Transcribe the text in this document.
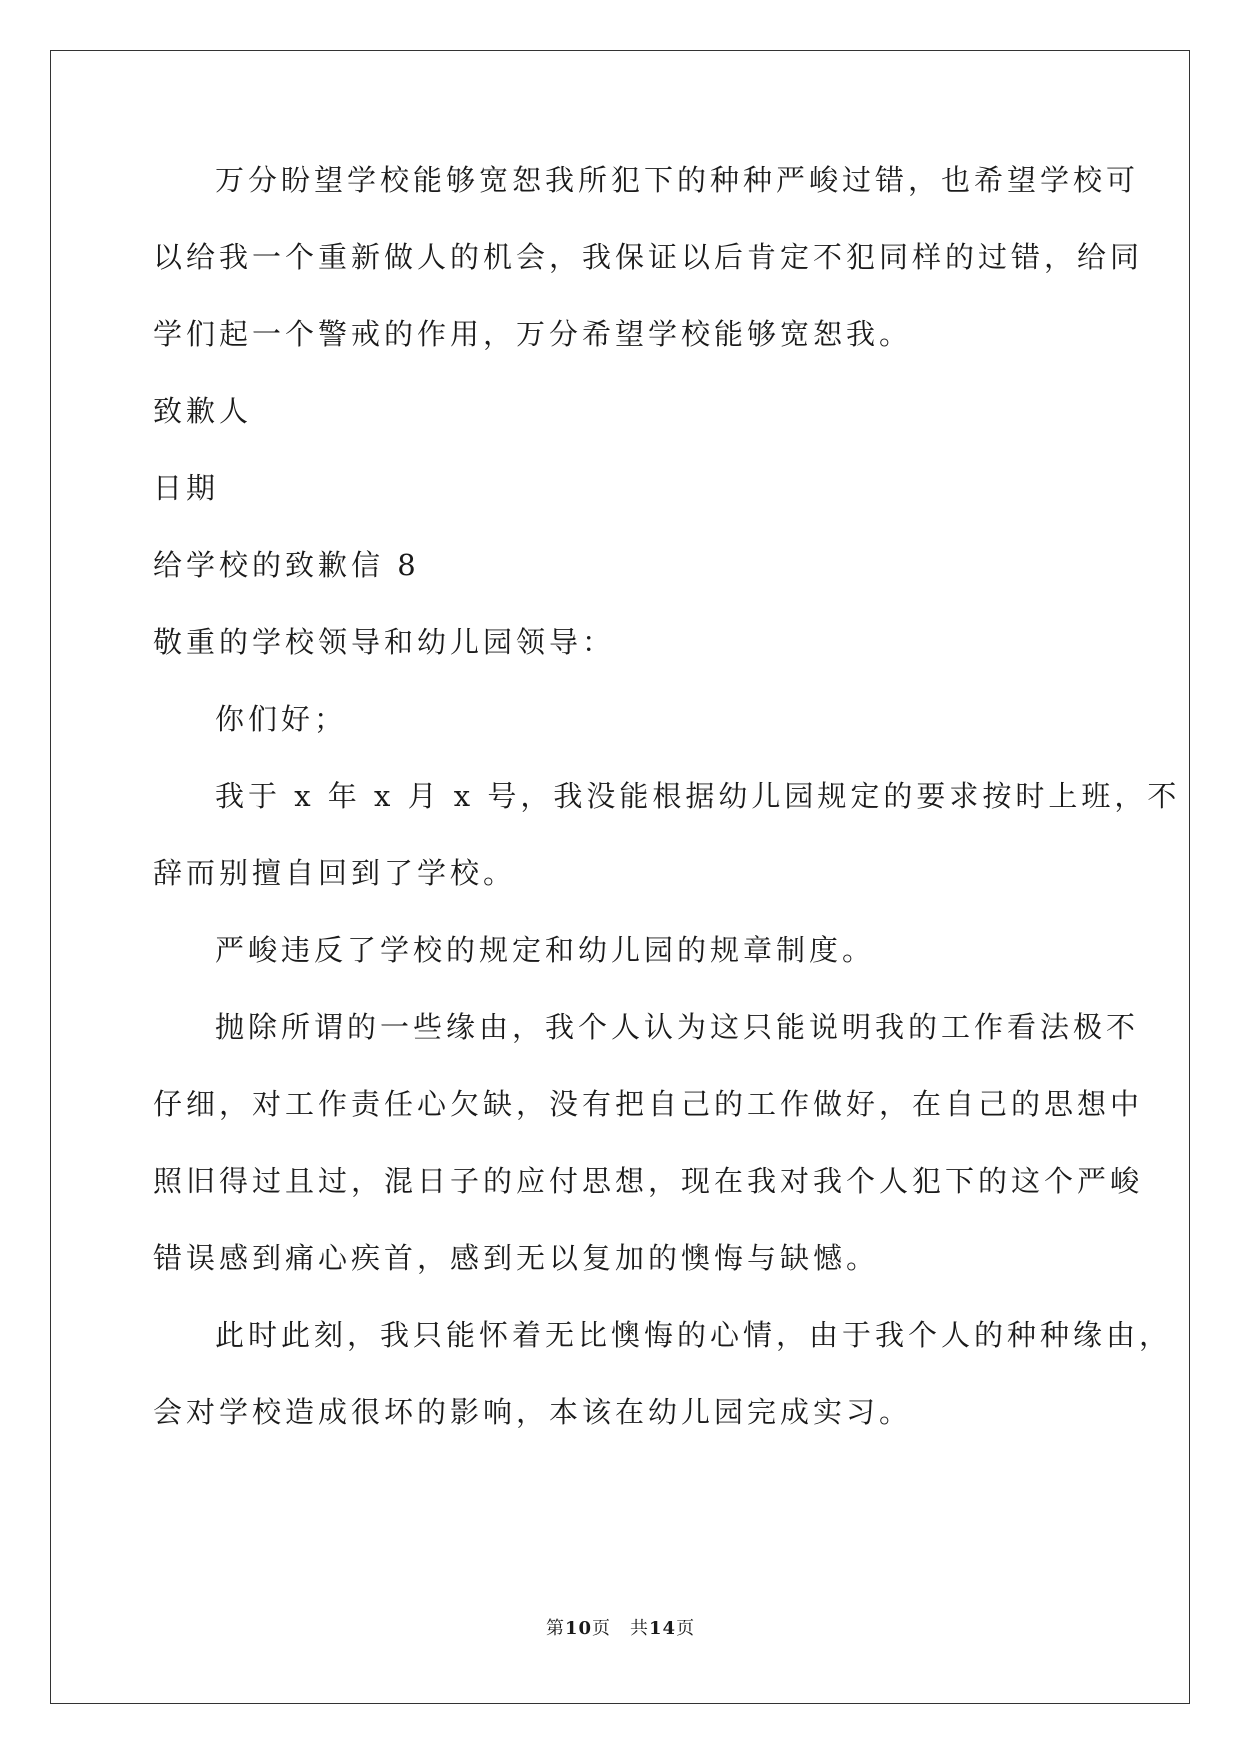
万分盼望学校能够宽恕我所犯下的种种严峻过错，也希望学校可
以给我一个重新做人的机会，我保证以后肯定不犯同样的过错，给同
学们起一个警戒的作用，万分希望学校能够宽恕我。
致歉人
日期
给学校的致歉信 8
敬重的学校领导和幼儿园领导：
你们好；
我于 x 年 x 月 x 号，我没能根据幼儿园规定的要求按时上班，不
辞而别擅自回到了学校。
严峻违反了学校的规定和幼儿园的规章制度。
抛除所谓的一些缘由，我个人认为这只能说明我的工作看法极不
仔细，对工作责任心欠缺，没有把自己的工作做好，在自己的思想中
照旧得过且过，混日子的应付思想，现在我对我个人犯下的这个严峻
错误感到痛心疾首，感到无以复加的懊悔与缺憾。
此时此刻，我只能怀着无比懊悔的心情，由于我个人的种种缘由，
会对学校造成很坏的影响，本该在幼儿园完成实习。
第10页　共14页
